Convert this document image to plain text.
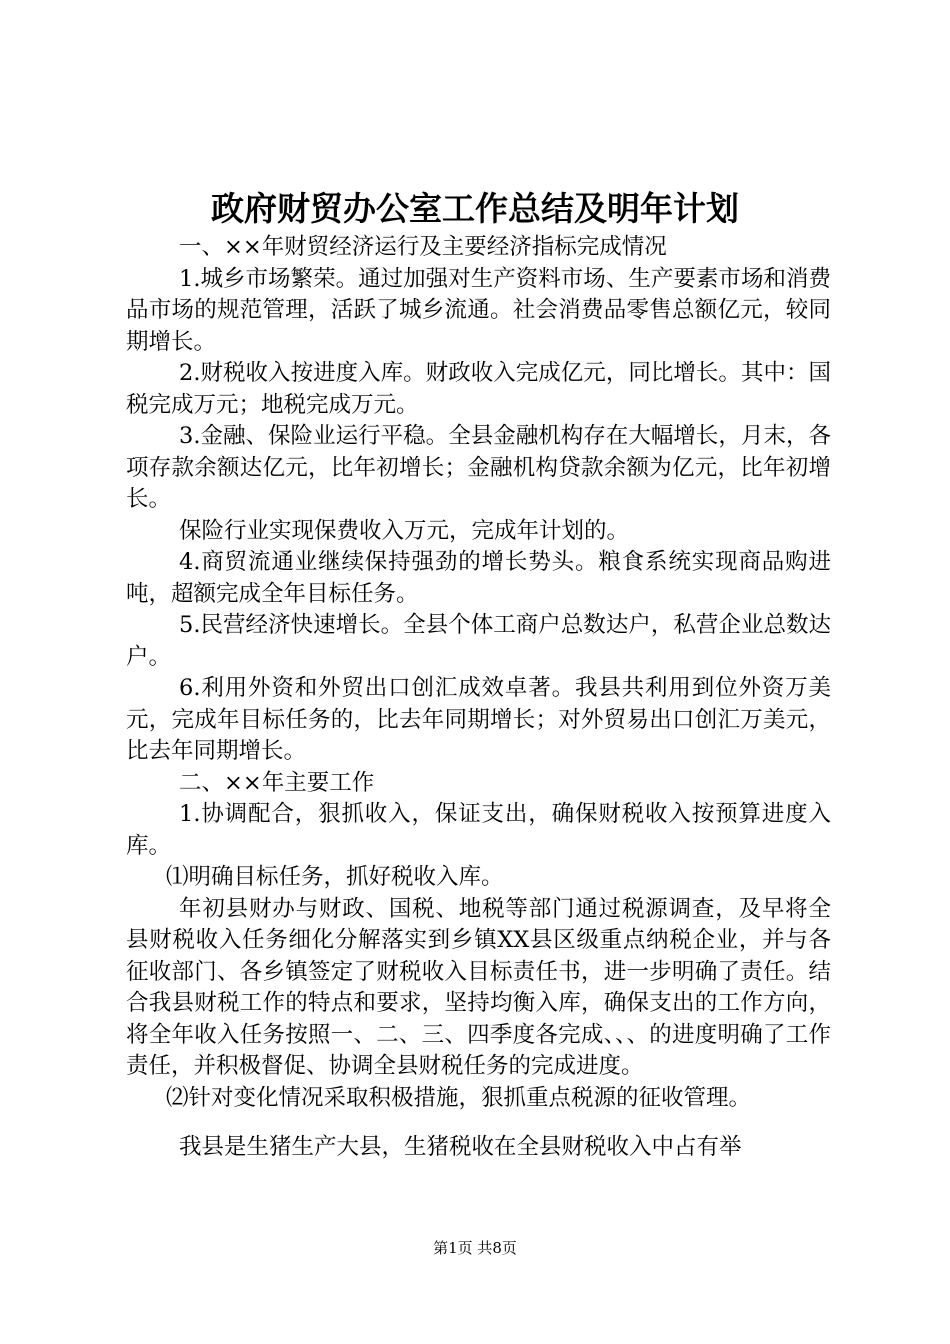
政府财贸办公室工作总结及明年计划

一、××年财贸经济运行及主要经济指标完成情况

1.城乡市场繁荣。通过加强对生产资料市场、生产要素市场和消费品市场的规范管理，活跃了城乡流通。社会消费品零售总额亿元，较同期增长。

2.财税收入按进度入库。财政收入完成亿元，同比增长。其中：国税完成万元；地税完成万元。

3.金融、保险业运行平稳。全县金融机构存在大幅增长，月末，各项存款余额达亿元，比年初增长；金融机构贷款余额为亿元，比年初增长。

保险行业实现保费收入万元，完成年计划的。

4.商贸流通业继续保持强劲的增长势头。粮食系统实现商品购进吨，超额完成全年目标任务。

5.民营经济快速增长。全县个体工商户总数达户，私营企业总数达户。

6.利用外资和外贸出口创汇成效卓著。我县共利用到位外资万美元，完成年目标任务的，比去年同期增长；对外贸易出口创汇万美元，比去年同期增长。

二、××年主要工作

1.协调配合，狠抓收入，保证支出，确保财税收入按预算进度入库。

⑴明确目标任务，抓好税收入库。

年初县财办与财政、国税、地税等部门通过税源调查，及早将全县财税收入任务细化分解落实到乡镇XX县区级重点纳税企业，并与各征收部门、各乡镇签定了财税收入目标责任书，进一步明确了责任。结合我县财税工作的特点和要求，坚持均衡入库，确保支出的工作方向，将全年收入任务按照一、二、三、四季度各完成、、、的进度明确了工作责任，并积极督促、协调全县财税任务的完成进度。

⑵针对变化情况采取积极措施，狠抓重点税源的征收管理。

我县是生猪生产大县，生猪税收在全县财税收入中占有举

第1页 共8页
